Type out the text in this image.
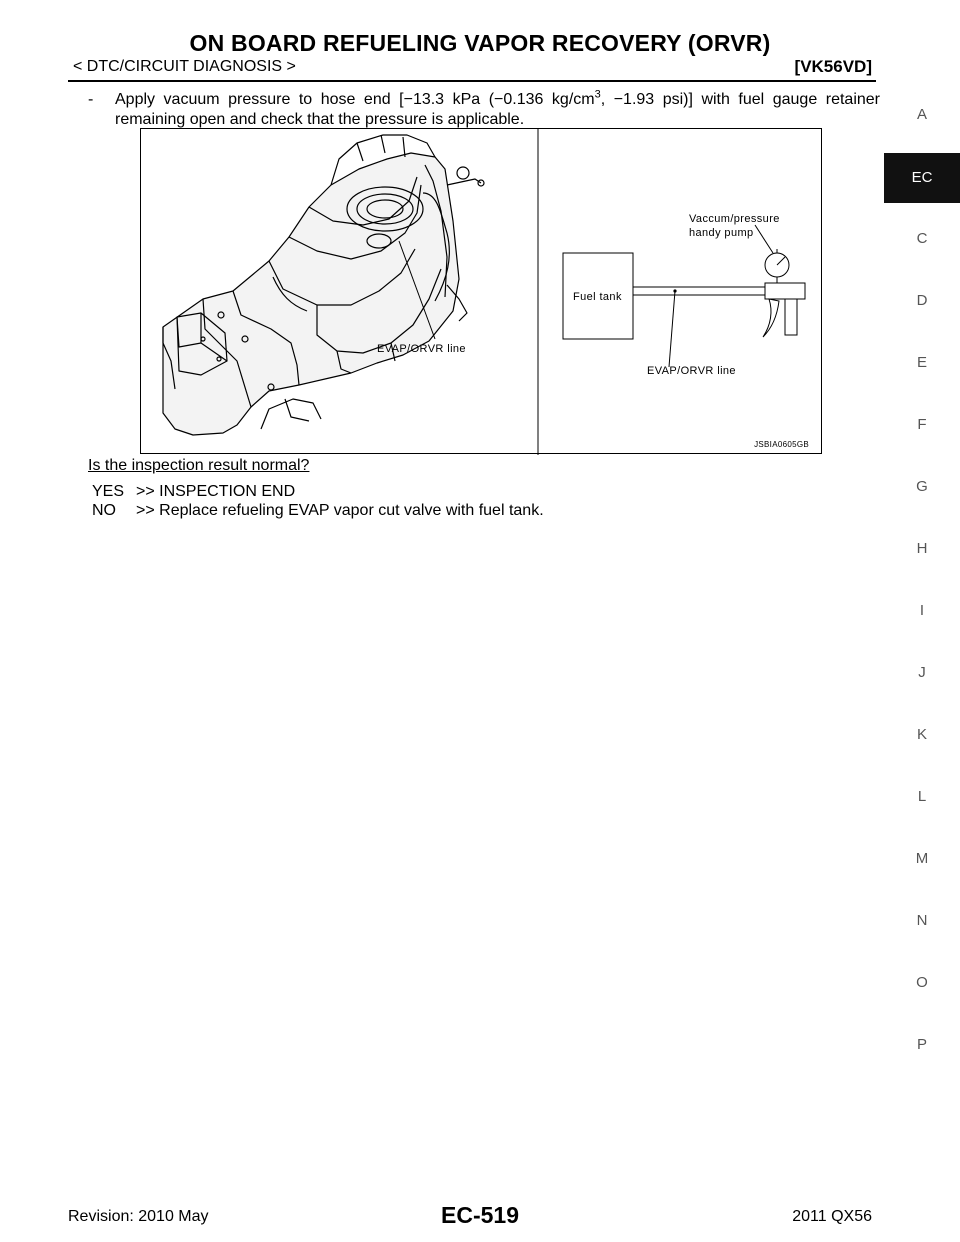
ON BOARD REFUELING VAPOR RECOVERY (ORVR)
< DTC/CIRCUIT DIAGNOSIS >	[VK56VD]
- Apply vacuum pressure to hose end [−13.3 kPa (−0.136 $kg/cm^3$, −1.93 psi)] with fuel gauge retainer remaining open and check that the pressure is applicable.
EVAP/ORVR line
Vaccum/pressure
handy pump
Fuel tank
EVAP/ORVR line
JSBIA0605GB
Is the inspection result normal?
YES >> INSPECTION END
NO	>> Replace refueling EVAP vapor cut valve with fuel tank.
A
EC
C
D
E
F
G
H
I
J
K
L
M
N
O
P
Revision: 2010 May	EC-519	2011 QX56
